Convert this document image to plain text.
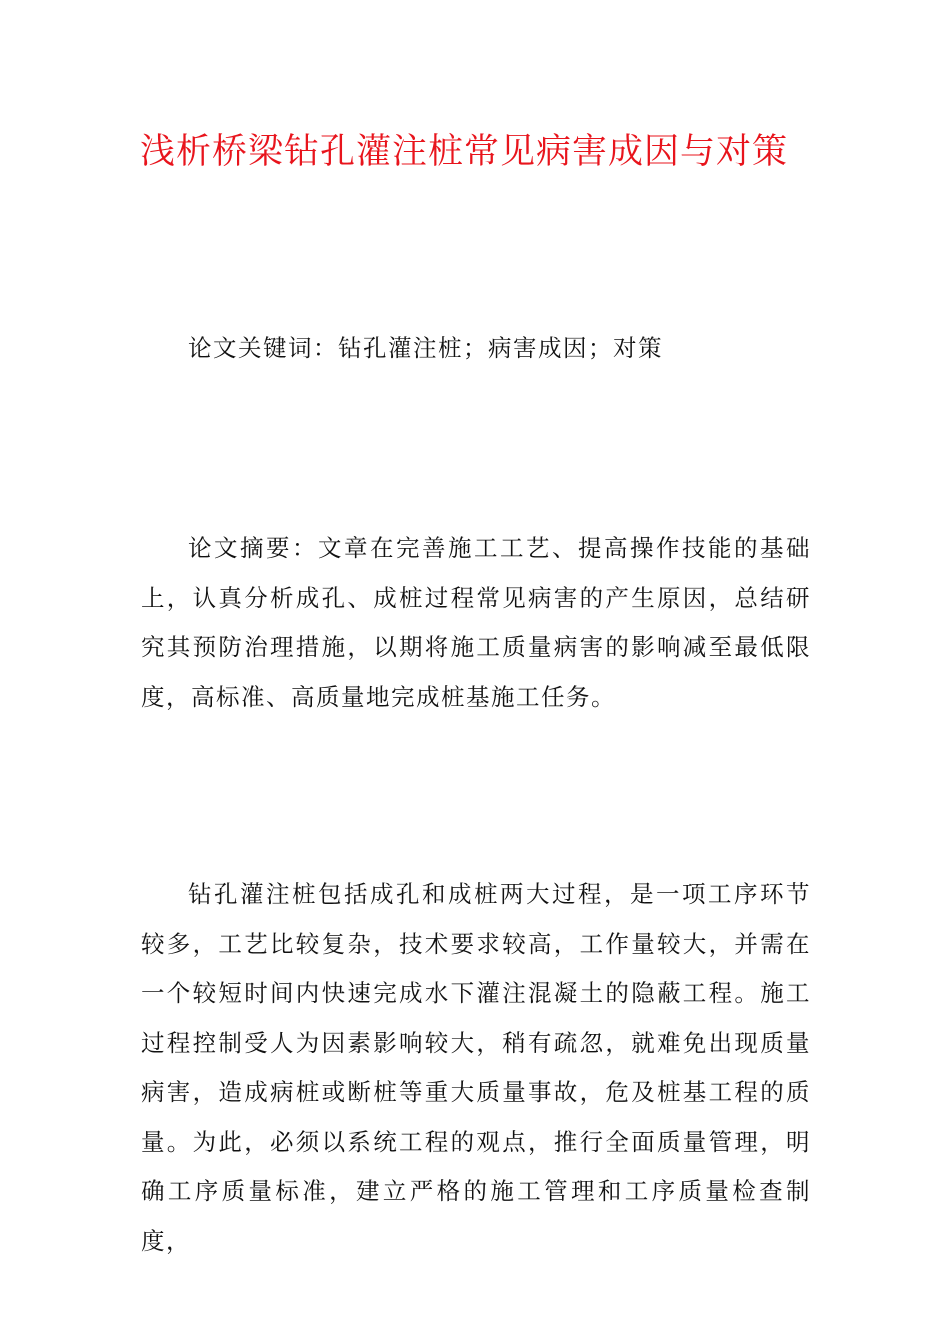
浅析桥梁钻孔灌注桩常见病害成因与对策

论文关键词：钻孔灌注桩；病害成因；对策

论文摘要：文章在完善施工工艺、提高操作技能的基础上，认真分析成孔、成桩过程常见病害的产生原因，总结研究其预防治理措施，以期将施工质量病害的影响减至最低限度，高标准、高质量地完成桩基施工任务。

钻孔灌注桩包括成孔和成桩两大过程，是一项工序环节较多，工艺比较复杂，技术要求较高，工作量较大，并需在一个较短时间内快速完成水下灌注混凝土的隐蔽工程。施工过程控制受人为因素影响较大，稍有疏忽，就难免出现质量病害，造成病桩或断桩等重大质量事故，危及桩基工程的质量。为此，必须以系统工程的观点，推行全面质量管理，明确工序质量标准，建立严格的施工管理和工序质量检查制度，
